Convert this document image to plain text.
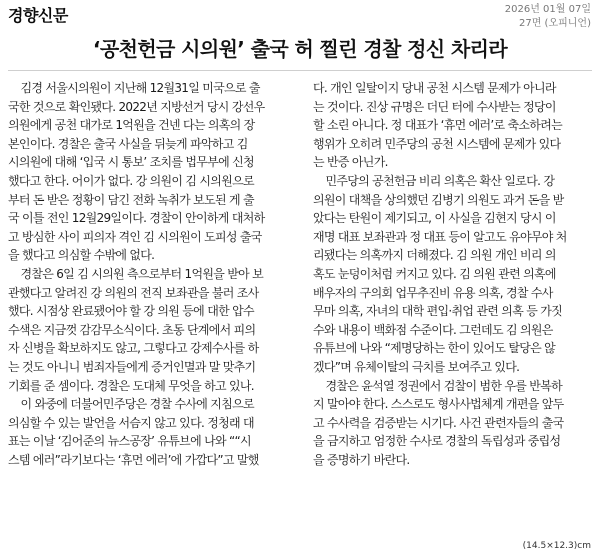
경향신문	2026년 01월 07일
27면 (오피니언)
‘공천헌금 시의원’ 출국 허 찔린 경찰 정신 차리라
김경 서울시의원이 지난해 12월31일 미국으로 출
국한 것으로 확인됐다. 2022년 지방선거 당시 강선우
의원에게 공천 대가로 1억원을 건넨 다는 의혹의 장
본인이다. 경찰은 출국 사실을 뒤늦게 파악하고 김
시의원에 대해 ‘입국 시 통보’ 조치를 법무부에 신청
했다고 한다. 어이가 없다. 강 의원이 김 시의원으로
부터 돈 받은 정황이 담긴 전화 녹취가 보도된 게 출
국 이틀 전인 12월29일이다. 경찰이 안이하게 대처하
고 방심한 사이 피의자 격인 김 시의원이 도피성 출국
을 했다고 의심할 수밖에 없다.
경찰은 6일 김 시의원 측으로부터 1억원을 받아 보
관했다고 알려진 강 의원의 전직 보좌관을 불러 조사
했다. 시점상 완료됐어야 할 강 의원 등에 대한 압수
수색은 지금껏 감감무소식이다. 초동 단계에서 피의
자 신병을 확보하지도 않고, 그렇다고 강제수사를 하
는 것도 아니니 범죄자들에게 증거인멸과 말 맞추기
기회를 준 셈이다. 경찰은 도대체 무엇을 하고 있나.
이 와중에 더불어민주당은 경찰 수사에 지침으로
의심할 수 있는 발언을 서슴지 않고 있다. 정청래 대
표는 이날 ‘김어준의 뉴스공장’ 유튜브에 나와 ““시
스템 에러”라기보다는 ‘휴먼 에러’에 가깝다”고 말했
다. 개인 일탈이지 당내 공천 시스템 문제가 아니라
는 것이다. 진상 규명은 더딘 터에 수사받는 정당이
할 소린 아니다. 정 대표가 ‘휴먼 에러’로 축소하려는
행위가 오히려 민주당의 공천 시스템에 문제가 있다
는 반증 아닌가.
민주당의 공천헌금 비리 의혹은 확산 일로다. 강
의원이 대책을 상의했던 김병기 의원도 과거 돈을 받
았다는 탄원이 제기되고, 이 사실을 김현지 당시 이
재명 대표 보좌관과 정 대표 등이 알고도 유야무야 처
리됐다는 의혹까지 더해졌다. 김 의원 개인 비리 의
혹도 눈덩이처럼 커지고 있다. 김 의원 관련 의혹에
배우자의 구의회 업무추진비 유용 의혹, 경찰 수사
무마 의혹, 자녀의 대학 편입·취업 관련 의혹 등 가짓
수와 내용이 백화점 수준이다. 그런데도 김 의원은
유튜브에 나와 “제명당하는 한이 있어도 탈당은 않
겠다”며 유체이탈의 극치를 보여주고 있다.
경찰은 윤석열 정권에서 검찰이 범한 우를 반복하
지 말아야 한다. 스스로도 형사사법체계 개편을 앞두
고 수사력을 검증받는 시기다. 사건 관련자들의 출국
을 금지하고 엄정한 수사로 경찰의 독립성과 중립성
을 증명하기 바란다.
(14.5×12.3)cm
